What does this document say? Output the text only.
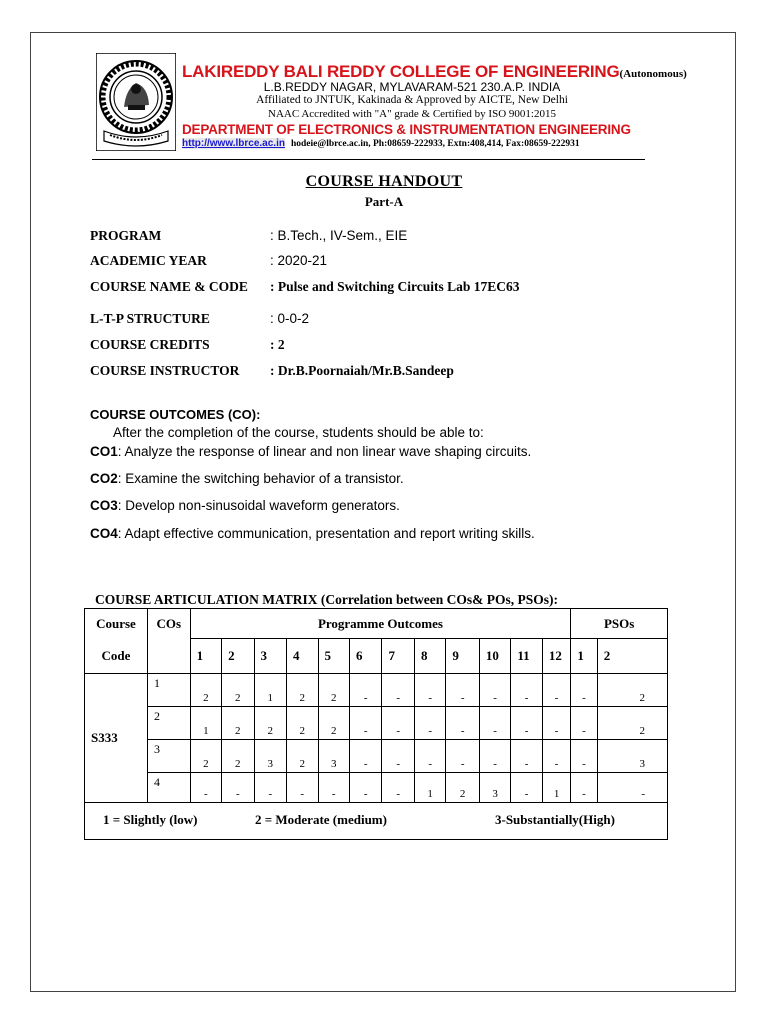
LAKIREDDY BALI REDDY COLLEGE OF ENGINEERING(Autonomous)
L.B.REDDY NAGAR, MYLAVARAM-521 230.A.P. INDIA
Affiliated to JNTUK, Kakinada & Approved by AICTE, New Delhi
NAAC Accredited with "A" grade & Certified by ISO 9001:2015
DEPARTMENT OF ELECTRONICS & INSTRUMENTATION ENGINEERING
http://www.lbrce.ac.in hodeie@lbrce.ac.in, Ph:08659-222933, Extn:408,414, Fax:08659-222931
COURSE HANDOUT
Part-A
PROGRAM	: B.Tech., IV-Sem., EIE
ACADEMIC YEAR	: 2020-21
COURSE NAME & CODE : Pulse and Switching Circuits Lab 17EC63
L-T-P STRUCTURE	: 0-0-2
COURSE CREDITS	: 2
COURSE INSTRUCTOR : Dr.B.Poornaiah/Mr.B.Sandeep
COURSE OUTCOMES (CO):
After the completion of the course, students should be able to:
CO1: Analyze the response of linear and non linear wave shaping circuits.
CO2: Examine the switching behavior of a transistor.
CO3: Develop non-sinusoidal waveform generators.
CO4: Adapt effective communication, presentation and report writing skills.
COURSE ARTICULATION MATRIX (Correlation between COs& POs, PSOs):
Course	COs	Programme Outcomes												PSOs	
Code		1	2	3	4	5	6	7	8	9	10	11	12	1	2
S333	1	2	2	1	2	2	-	-	-	-	-	-	-	-	2
	2	1	2	2	2	2	-	-	-	-	-	-	-	-	2
	3	2	2	3	2	3	-	-	-	-	-	-	-	-	3
	4	-	-	-	-	-	-	-	1	2	3	-	1	-	-

1 = Slightly (low) 2 = Moderate (medium) 3-Substantially(High)															
